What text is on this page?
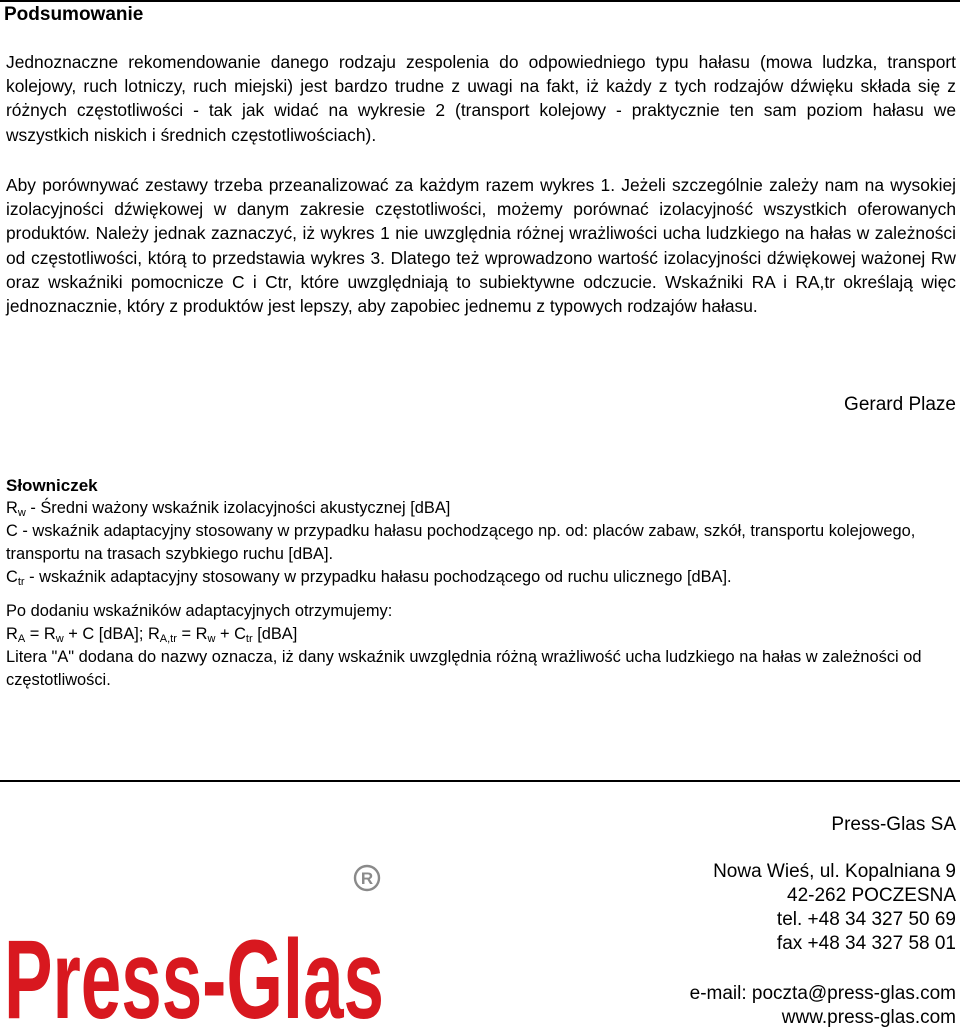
Podsumowanie

Jednoznaczne rekomendowanie danego rodzaju zespolenia do odpowiedniego typu hałasu (mowa ludzka, transport kolejowy, ruch lotniczy, ruch miejski) jest bardzo trudne z uwagi na fakt, iż każdy z tych rodzajów dźwięku składa się z różnych częstotliwości - tak jak widać na wykresie 2 (transport kolejowy - praktycznie ten sam poziom hałasu we wszystkich niskich i średnich częstotliwościach).

Aby porównywać zestawy trzeba przeanalizować za każdym razem wykres 1. Jeżeli szczególnie zależy nam na wysokiej izolacyjności dźwiękowej w danym zakresie częstotliwości, możemy porównać izolacyjność wszystkich oferowanych produktów. Należy jednak zaznaczyć, iż wykres 1 nie uwzględnia różnej wrażliwości ucha ludzkiego na hałas w zależności od częstotliwości, którą to przedstawia wykres 3. Dlatego też wprowadzono wartość izolacyjności dźwiękowej ważonej Rw oraz wskaźniki pomocnicze C i Ctr, które uwzględniają to subiektywne odczucie. Wskaźniki RA i RA,tr określają więc jednoznacznie, który z produktów jest lepszy, aby zapobiec jednemu z typowych rodzajów hałasu.

Gerard Plaze

Słowniczek

$R_w$ - Średni ważony wskaźnik izolacyjności akustycznej [dBA]

C - wskaźnik adaptacyjny stosowany w przypadku hałasu pochodzącego np. od: placów zabaw, szkół, transportu kolejowego, transportu na trasach szybkiego ruchu [dBA].

$C_{tr}$ - wskaźnik adaptacyjny stosowany w przypadku hałasu pochodzącego od ruchu ulicznego [dBA].

Po dodaniu wskaźników adaptacyjnych otrzymujemy:

$R_A = R_w + C$ [dBA]; $R_{A,tr} = R_w + C_{tr}$ [dBA]

Litera "A" dodana do nazwy oznacza, iż dany wskaźnik uwzględnia różną wrażliwość ucha ludzkiego na hałas w zależności od częstotliwości.

R
Press-Glas

Press-Glas SA

Nowa Wieś, ul. Kopalniana 9
42-262 POCZESNA
tel. +48 34 327 50 69
fax +48 34 327 58 01
e-mail: poczta@press-glas.com
www.press-glas.com
